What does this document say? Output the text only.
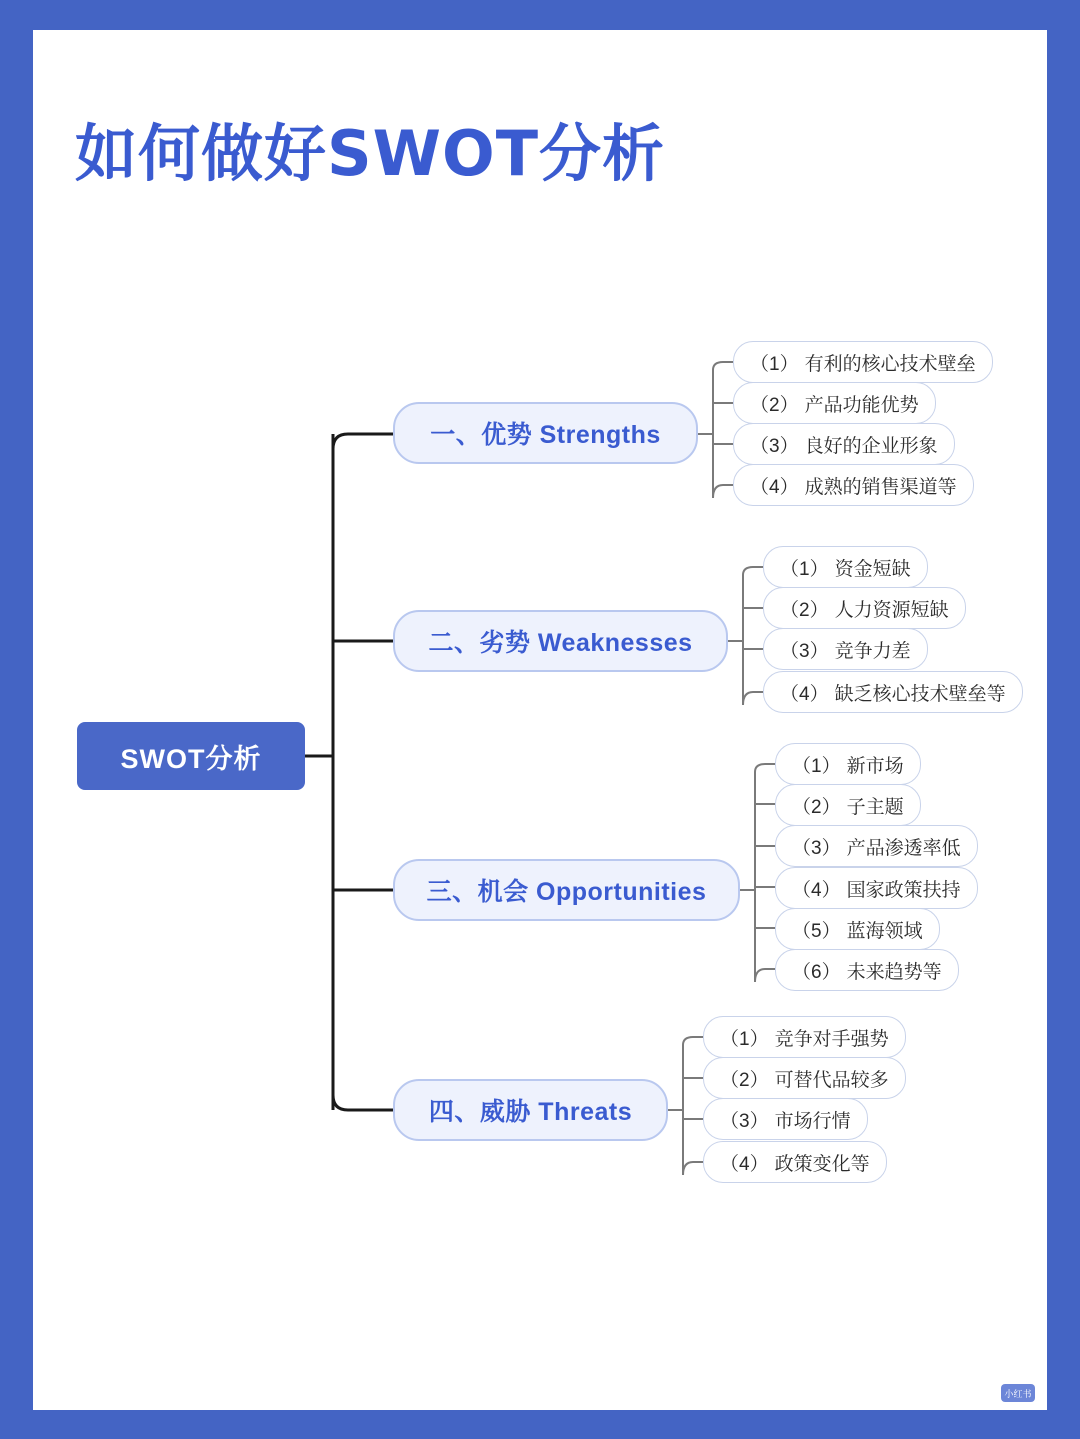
如何做好SWOT分析
SWOT分析
一、优势 Strengths
（1） 有利的核心技术壁垒
（2） 产品功能优势
（3） 良好的企业形象
（4） 成熟的销售渠道等
二、劣势 Weaknesses
（1） 资金短缺
（2） 人力资源短缺
（3） 竞争力差
（4） 缺乏核心技术壁垒等
三、机会 Opportunities
（1） 新市场
（2） 子主题
（3） 产品渗透率低
（4） 国家政策扶持
（5） 蓝海领域
（6） 未来趋势等
四、威胁 Threats
（1） 竞争对手强势
（2） 可替代品较多
（3） 市场行情
（4） 政策变化等
小红书
